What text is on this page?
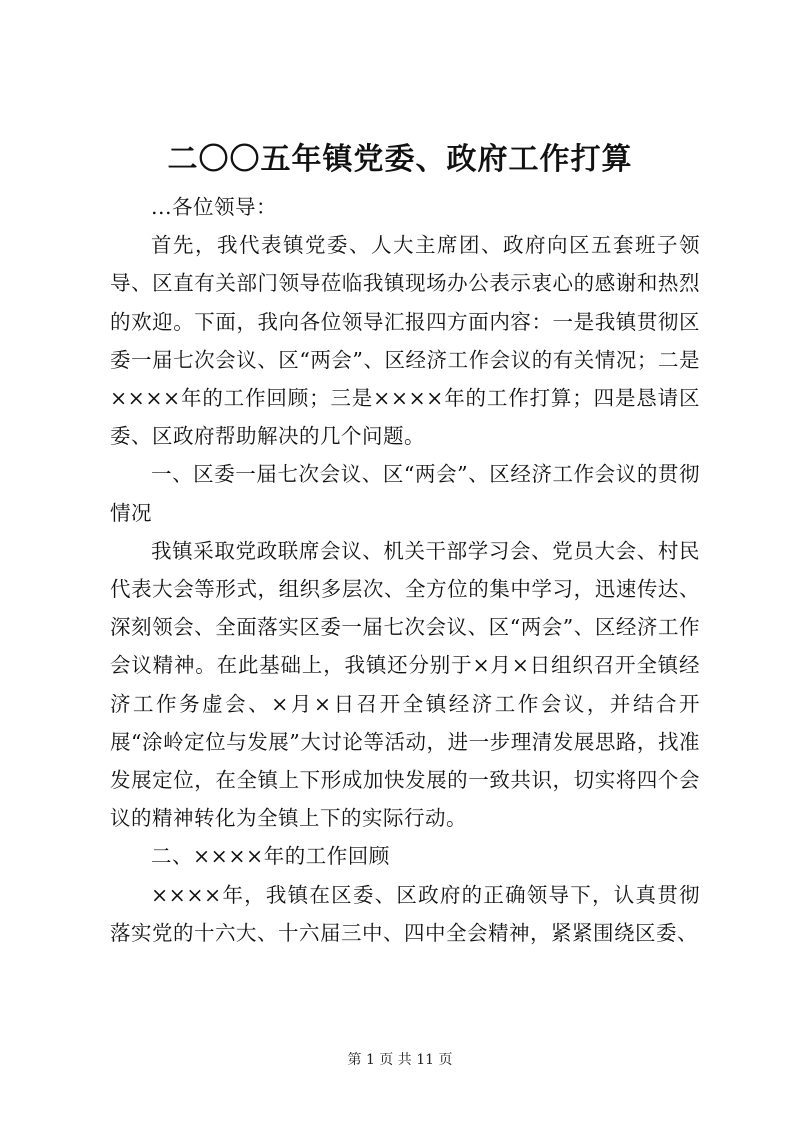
二〇〇五年镇党委、政府工作打算

...各位领导：

首先，我代表镇党委、人大主席团、政府向区五套班子领导、区直有关部门领导莅临我镇现场办公表示衷心的感谢和热烈的欢迎。下面，我向各位领导汇报四方面内容：一是我镇贯彻区委一届七次会议、区“两会”、区经济工作会议的有关情况；二是××××年的工作回顾；三是××××年的工作打算；四是恳请区委、区政府帮助解决的几个问题。

一、区委一届七次会议、区“两会”、区经济工作会议的贯彻情况

我镇采取党政联席会议、机关干部学习会、党员大会、村民代表大会等形式，组织多层次、全方位的集中学习，迅速传达、深刻领会、全面落实区委一届七次会议、区“两会”、区经济工作会议精神。在此基础上，我镇还分别于×月×日组织召开全镇经济工作务虚会、×月×日召开全镇经济工作会议，并结合开展“涂岭定位与发展”大讨论等活动，进一步理清发展思路，找准发展定位，在全镇上下形成加快发展的一致共识，切实将四个会议的精神转化为全镇上下的实际行动。

二、××××年的工作回顾

××××年，我镇在区委、区政府的正确领导下，认真贯彻落实党的十六大、十六届三中、四中全会精神，紧紧围绕区委、

第 1 页 共 11 页
